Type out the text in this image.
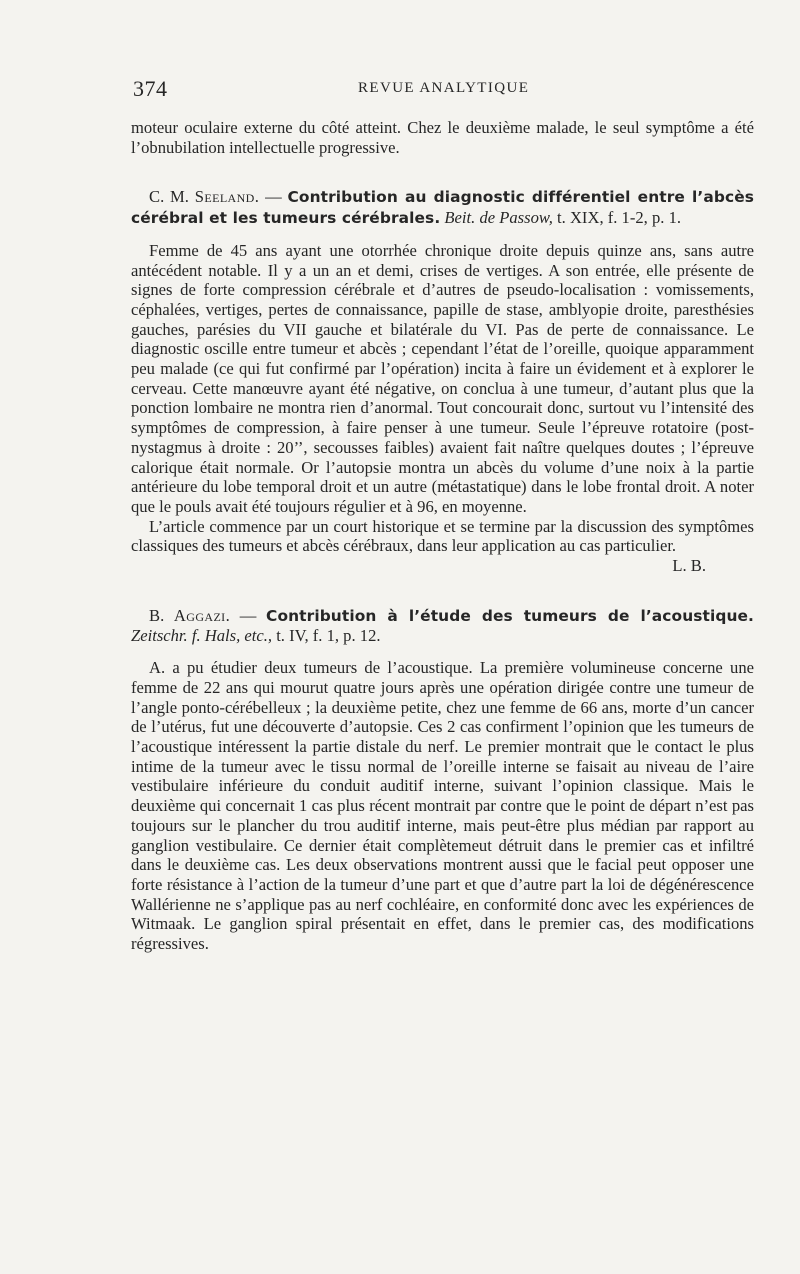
374	REVUE ANALYTIQUE

moteur oculaire externe du côté atteint. Chez le deuxième malade, le seul symptôme a été l’obnubilation intellectuelle progressive.

C. M. Seeland. — Contribution au diagnostic différentiel entre l’abcès cérébral et les tumeurs cérébrales. Beit. de Passow, t. XIX, f. 1-2, p. 1.

Femme de 45 ans ayant une otorrhée chronique droite depuis quinze ans, sans autre antécédent notable. Il y a un an et demi, crises de vertiges. A son entrée, elle présente de signes de forte compression cérébrale et d’autres de pseudo-localisation : vomissements, céphalées, vertiges, pertes de connaissance, papille de stase, amblyopie droite, paresthésies gauches, parésies du VII gauche et bilatérale du VI. Pas de perte de connaissance. Le diagnostic oscille entre tumeur et abcès ; cependant l’état de l’oreille, quoique apparamment peu malade (ce qui fut confirmé par l’opération) incita à faire un évidement et à explorer le cerveau. Cette manœuvre ayant été négative, on conclua à une tumeur, d’autant plus que la ponction lombaire ne montra rien d’anormal. Tout concourait donc, surtout vu l’intensité des symptômes de compression, à faire penser à une tumeur. Seule l’épreuve rotatoire (post-nystagmus à droite : 20’’, secousses faibles) avaient fait naître quelques doutes ; l’épreuve calorique était normale. Or l’autopsie montra un abcès du volume d’une noix à la partie antérieure du lobe temporal droit et un autre (métastatique) dans le lobe frontal droit. A noter que le pouls avait été toujours régulier et à 96, en moyenne.

L’article commence par un court historique et se termine par la discussion des symptômes classiques des tumeurs et abcès cérébraux, dans leur application au cas particulier.
L. B.

B. Aggazi. — Contribution à l’étude des tumeurs de l’acoustique. Zeitschr. f. Hals, etc., t. IV, f. 1, p. 12.

A. a pu étudier deux tumeurs de l’acoustique. La première volumineuse concerne une femme de 22 ans qui mourut quatre jours après une opération dirigée contre une tumeur de l’angle ponto-cérébelleux ; la deuxième petite, chez une femme de 66 ans, morte d’un cancer de l’utérus, fut une découverte d’autopsie. Ces 2 cas confirment l’opinion que les tumeurs de l’acoustique intéressent la partie distale du nerf. Le premier montrait que le contact le plus intime de la tumeur avec le tissu normal de l’oreille interne se faisait au niveau de l’aire vestibulaire inférieure du conduit auditif interne, suivant l’opinion classique. Mais le deuxième qui concernait 1 cas plus récent montrait par contre que le point de départ n’est pas toujours sur le plancher du trou auditif interne, mais peut-être plus médian par rapport au ganglion vestibulaire. Ce dernier était complètemeut détruit dans le premier cas et infiltré dans le deuxième cas. Les deux observations montrent aussi que le facial peut opposer une forte résistance à l’action de la tumeur d’une part et que d’autre part la loi de dégénérescence Wallérienne ne s’applique pas au nerf cochléaire, en conformité donc avec les expériences de Witmaak. Le ganglion spiral présentait en effet, dans le premier cas, des modifications régressives.
